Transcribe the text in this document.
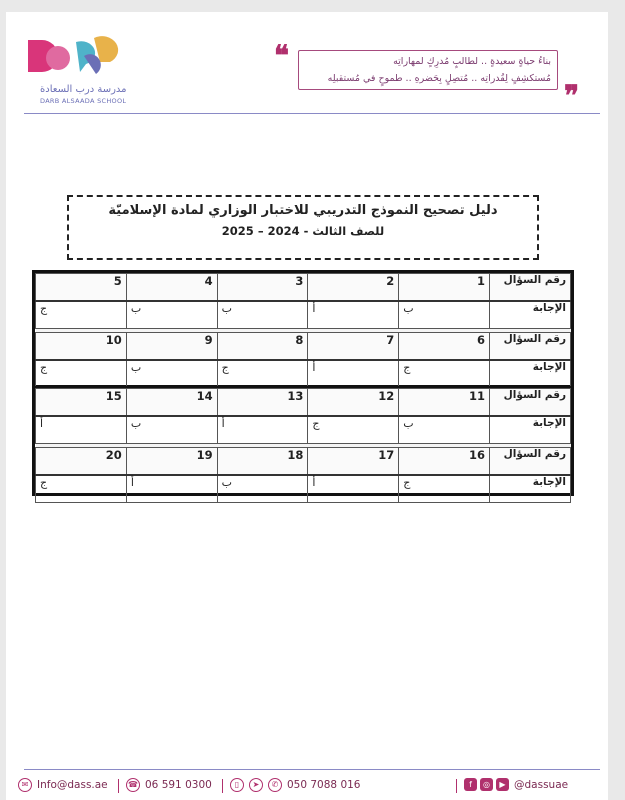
مدرسة درب السعادة
DARB ALSAADA SCHOOL
❝	بناءُ حياةٍ سعيدةٍ .. لطالبٍ مُدرِكٍ لمهاراتِه
مُستكشِفٍ لِقُدراتِه .. مُتصِلٍ بِحَضرهِ .. طموحٍ في مُستقبلِه
❞
دليل تصحيح النموذج التدريبي للاختبار الوزاري لمادة الإسلاميّة
للصف الثالث - 2024 – 2025
رقم السؤال	1	2	3	4	5
الإجابة	ب	أ	ب	ب	ج

رقم السؤال	6	7	8	9	10
الإجابة	ج	أ	ج	ب	ج
رقم السؤال	11	12	13	14	15
الإجابة	ب	ج	أ	ب	أ

رقم السؤال	16	17	18	19	20
الإجابة	ج	أ	ب	أ	ج
✉ Info@dass.ae	☎ 06 591 0300	▯	➤	✆ 050 7088 016	f	◎	▶ @dassuae
